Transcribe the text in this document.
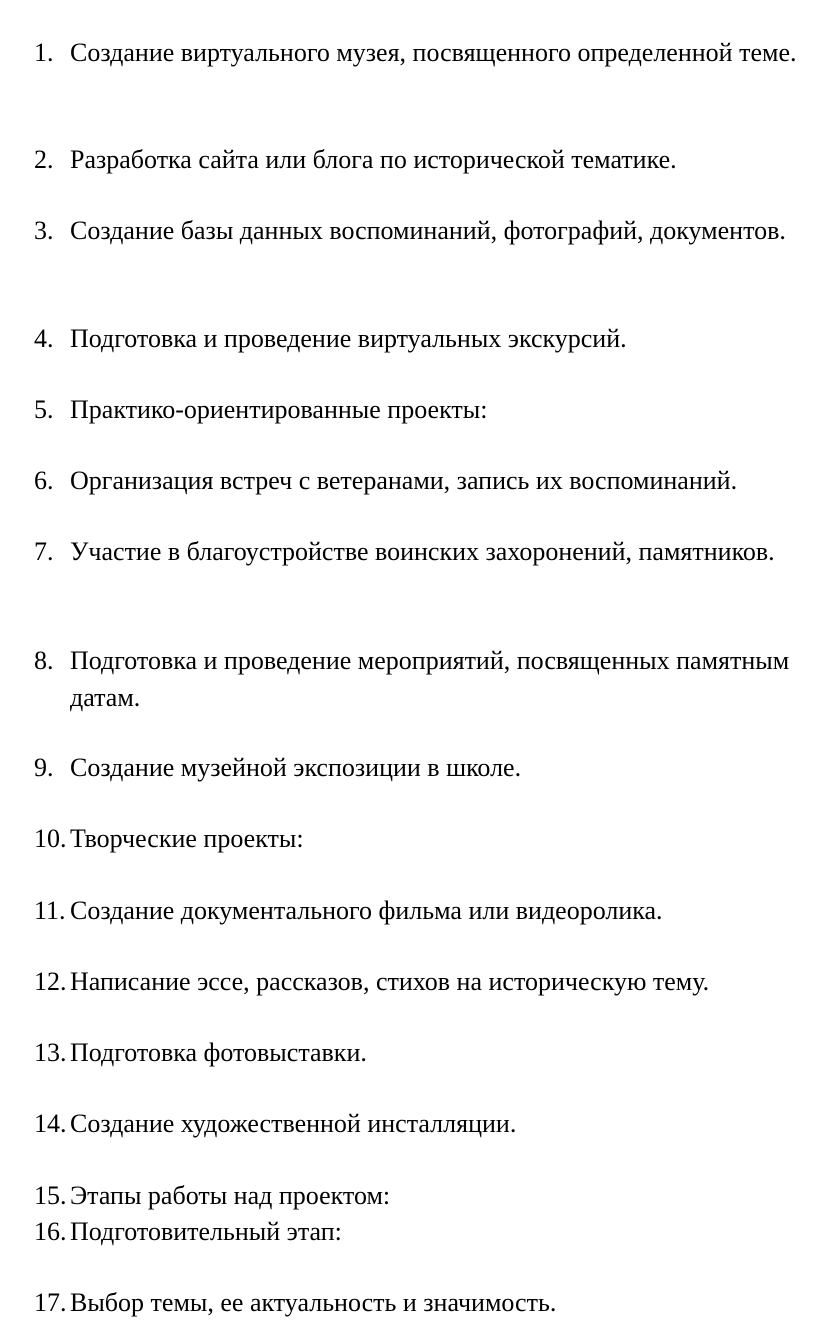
1. Создание виртуального музея, посвященного определенной теме.
2. Разработка сайта или блога по исторической тематике.
3. Создание базы данных воспоминаний, фотографий, документов.
4. Подготовка и проведение виртуальных экскурсий.
5. Практико-ориентированные проекты:
6. Организация встреч с ветеранами, запись их воспоминаний.
7. Участие в благоустройстве воинских захоронений, памятников.
8. Подготовка и проведение мероприятий, посвященных памятным датам.
9. Создание музейной экспозиции в школе.
10. Творческие проекты:
11. Создание документального фильма или видеоролика.
12. Написание эссе, рассказов, стихов на историческую тему.
13. Подготовка фотовыставки.
14. Создание художественной инсталляции.
15. Этапы работы над проектом:
16. Подготовительный этап:
17. Выбор темы, ее актуальность и значимость.
